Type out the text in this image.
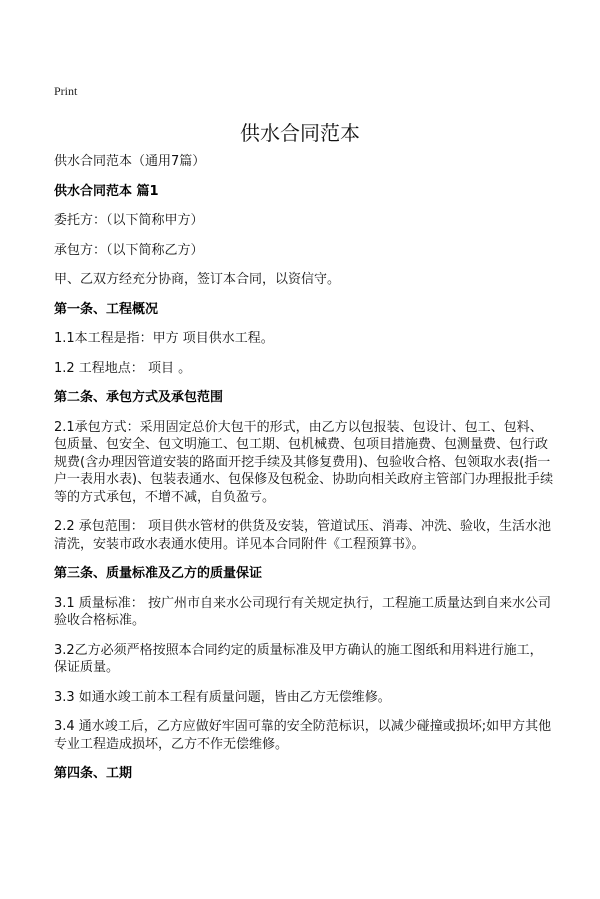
Print
供水合同范本

供水合同范本（通用7篇）

供水合同范本 篇1

委托方：（以下简称甲方）

承包方：（以下简称乙方）

甲、乙双方经充分协商，签订本合同，以资信守。

第一条、工程概况

1.1本工程是指：甲方 项目供水工程。

1.2 工程地点： 项目 。

第二条、承包方式及承包范围

2.1承包方式：采用固定总价大包干的形式，由乙方以包报装、包设计、包工、包料、包质量、包安全、包文明施工、包工期、包机械费、包项目措施费、包测量费、包行政规费(含办理因管道安装的路面开挖手续及其修复费用)、包验收合格、包领取水表(指一户一表用水表)、包装表通水、包保修及包税金、协助向相关政府主管部门办理报批手续等的方式承包，不增不减，自负盈亏。

2.2 承包范围： 项目供水管材的供货及安装，管道试压、消毒、冲洗、验收，生活水池清洗，安装市政水表通水使用。详见本合同附件《工程预算书》。

第三条、质量标准及乙方的质量保证

3.1 质量标准： 按广州市自来水公司现行有关规定执行，工程施工质量达到自来水公司验收合格标准。

3.2乙方必须严格按照本合同约定的质量标准及甲方确认的施工图纸和用料进行施工，保证质量。

3.3 如通水竣工前本工程有质量问题，皆由乙方无偿维修。

3.4 通水竣工后，乙方应做好牢固可靠的安全防范标识，以减少碰撞或损坏;如甲方其他专业工程造成损坏，乙方不作无偿维修。

第四条、工期
